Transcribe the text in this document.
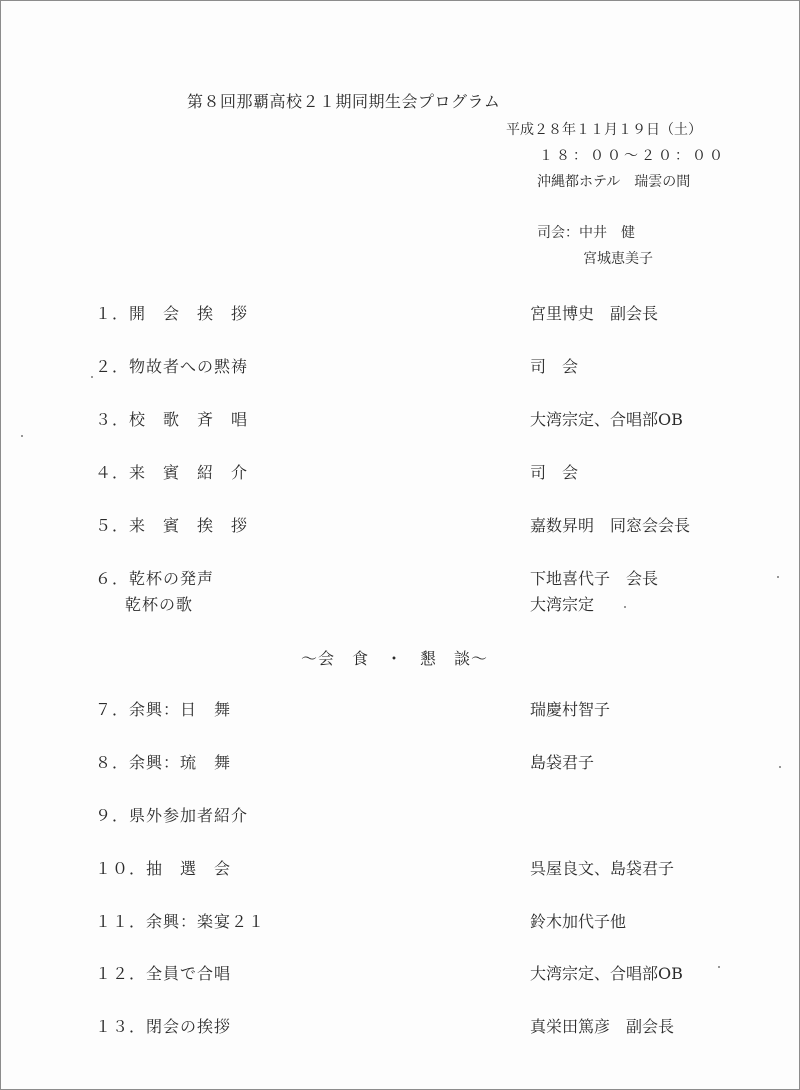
第８回那覇高校２１期同期生会プログラム
平成２８年１１月１９日（土）
１８：００〜２０：００
沖縄都ホテル　瑞雲の間
司会：中井　健
宮城恵美子
１．開　会　挨　拶	宮里博史　副会長
２．物故者への黙祷	司　会
３．校　歌　斉　唱	大湾宗定、合唱部OB
４．来　賓　紹　介	司　会
５．来　賓　挨　拶	嘉数昇明　同窓会会長
６．乾杯の発声	下地喜代子　会長
乾杯の歌	大湾宗定
〜会　食　・　懇　談〜
７．余興：日　舞	瑞慶村智子
８．余興：琉　舞	島袋君子
９．県外参加者紹介
１０．抽　選　会	呉屋良文、島袋君子
１１．余興：楽宴２１	鈴木加代子他
１２．全員で合唱	大湾宗定、合唱部OB
１３．閉会の挨拶	真栄田篤彦　副会長
